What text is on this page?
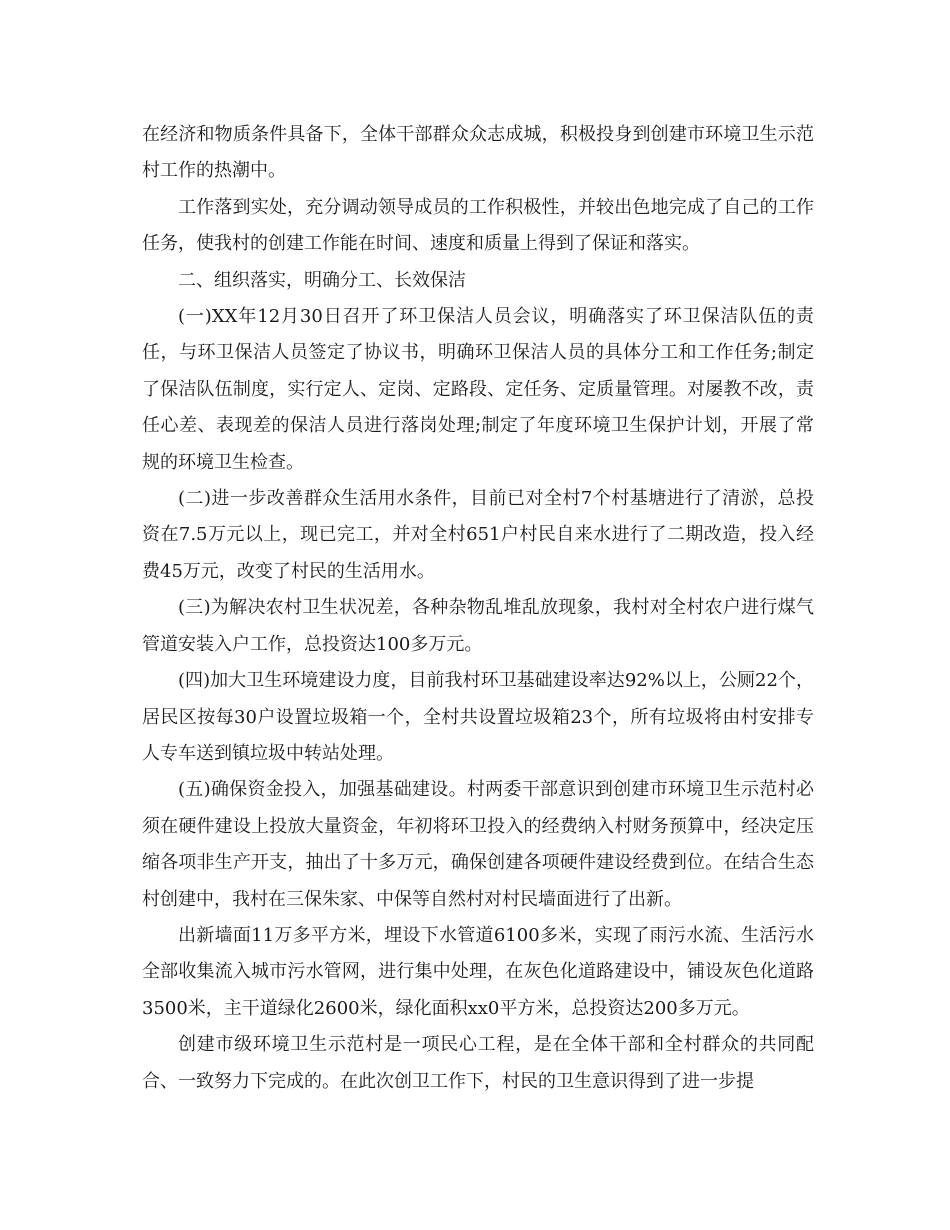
在经济和物质条件具备下，全体干部群众众志成城，积极投身到创建市环境卫生示范村工作的热潮中。

工作落到实处，充分调动领导成员的工作积极性，并较出色地完成了自己的工作任务，使我村的创建工作能在时间、速度和质量上得到了保证和落实。

二、组织落实，明确分工、长效保洁

(一)XX年12月30日召开了环卫保洁人员会议，明确落实了环卫保洁队伍的责任，与环卫保洁人员签定了协议书，明确环卫保洁人员的具体分工和工作任务;制定了保洁队伍制度，实行定人、定岗、定路段、定任务、定质量管理。对屡教不改，责任心差、表现差的保洁人员进行落岗处理;制定了年度环境卫生保护计划，开展了常规的环境卫生检查。

(二)进一步改善群众生活用水条件，目前已对全村7个村基塘进行了清淤，总投资在7.5万元以上，现已完工，并对全村651户村民自来水进行了二期改造，投入经费45万元，改变了村民的生活用水。

(三)为解决农村卫生状况差，各种杂物乱堆乱放现象，我村对全村农户进行煤气管道安装入户工作，总投资达100多万元。

(四)加大卫生环境建设力度，目前我村环卫基础建设率达92%以上，公厕22个，居民区按每30户设置垃圾箱一个，全村共设置垃圾箱23个，所有垃圾将由村安排专人专车送到镇垃圾中转站处理。

(五)确保资金投入，加强基础建设。村两委干部意识到创建市环境卫生示范村必须在硬件建设上投放大量资金，年初将环卫投入的经费纳入村财务预算中，经决定压缩各项非生产开支，抽出了十多万元，确保创建各项硬件建设经费到位。在结合生态村创建中，我村在三保朱家、中保等自然村对村民墙面进行了出新。

出新墙面11万多平方米，埋设下水管道6100多米，实现了雨污水流、生活污水全部收集流入城市污水管网，进行集中处理，在灰色化道路建设中，铺设灰色化道路3500米，主干道绿化2600米，绿化面积xx0平方米，总投资达200多万元。

创建市级环境卫生示范村是一项民心工程，是在全体干部和全村群众的共同配合、一致努力下完成的。在此次创卫工作下，村民的卫生意识得到了进一步提
